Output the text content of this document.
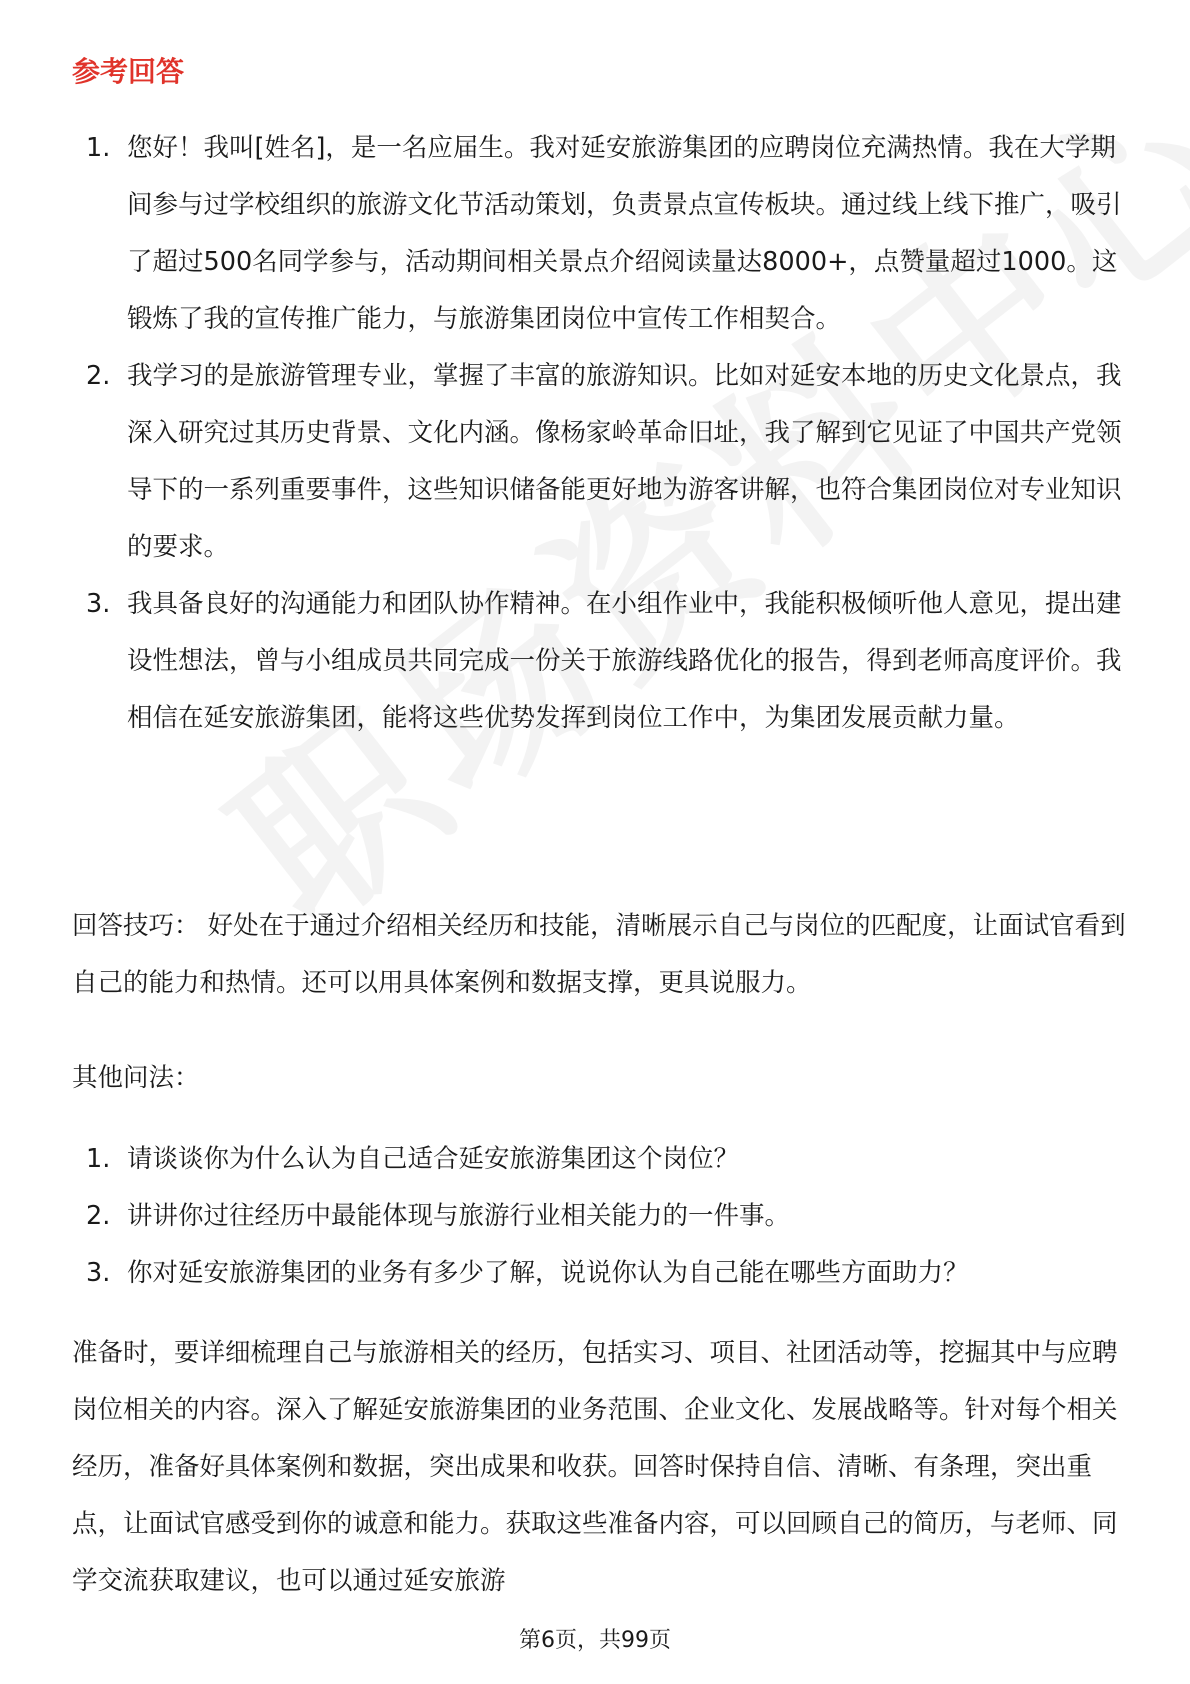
参考回答
1. 您好！我叫[姓名]，是一名应届生。我对延安旅游集团的应聘岗位充满热情。我在大学期间参与过学校组织的旅游文化节活动策划，负责景点宣传板块。通过线上线下推广，吸引了超过500名同学参与，活动期间相关景点介绍阅读量达8000+，点赞量超过1000。这锻炼了我的宣传推广能力，与旅游集团岗位中宣传工作相契合。
2. 我学习的是旅游管理专业，掌握了丰富的旅游知识。比如对延安本地的历史文化景点，我深入研究过其历史背景、文化内涵。像杨家岭革命旧址，我了解到它见证了中国共产党领导下的一系列重要事件，这些知识储备能更好地为游客讲解，也符合集团岗位对专业知识的要求。
3. 我具备良好的沟通能力和团队协作精神。在小组作业中，我能积极倾听他人意见，提出建设性想法，曾与小组成员共同完成一份关于旅游线路优化的报告，得到老师高度评价。我相信在延安旅游集团，能将这些优势发挥到岗位工作中，为集团发展贡献力量。

回答技巧： 好处在于通过介绍相关经历和技能，清晰展示自己与岗位的匹配度，让面试官看到自己的能力和热情。还可以用具体案例和数据支撑，更具说服力。

其他问法：

1. 请谈谈你为什么认为自己适合延安旅游集团这个岗位？
2. 讲讲你过往经历中最能体现与旅游行业相关能力的一件事。
3. 你对延安旅游集团的业务有多少了解，说说你认为自己能在哪些方面助力？

准备时，要详细梳理自己与旅游相关的经历，包括实习、项目、社团活动等，挖掘其中与应聘岗位相关的内容。深入了解延安旅游集团的业务范围、企业文化、发展战略等。针对每个相关经历，准备好具体案例和数据，突出成果和收获。回答时保持自信、清晰、有条理，突出重点，让面试官感受到你的诚意和能力。获取这些准备内容，可以回顾自己的简历，与老师、同学交流获取建议，也可以通过延安旅游

第6页，共99页
